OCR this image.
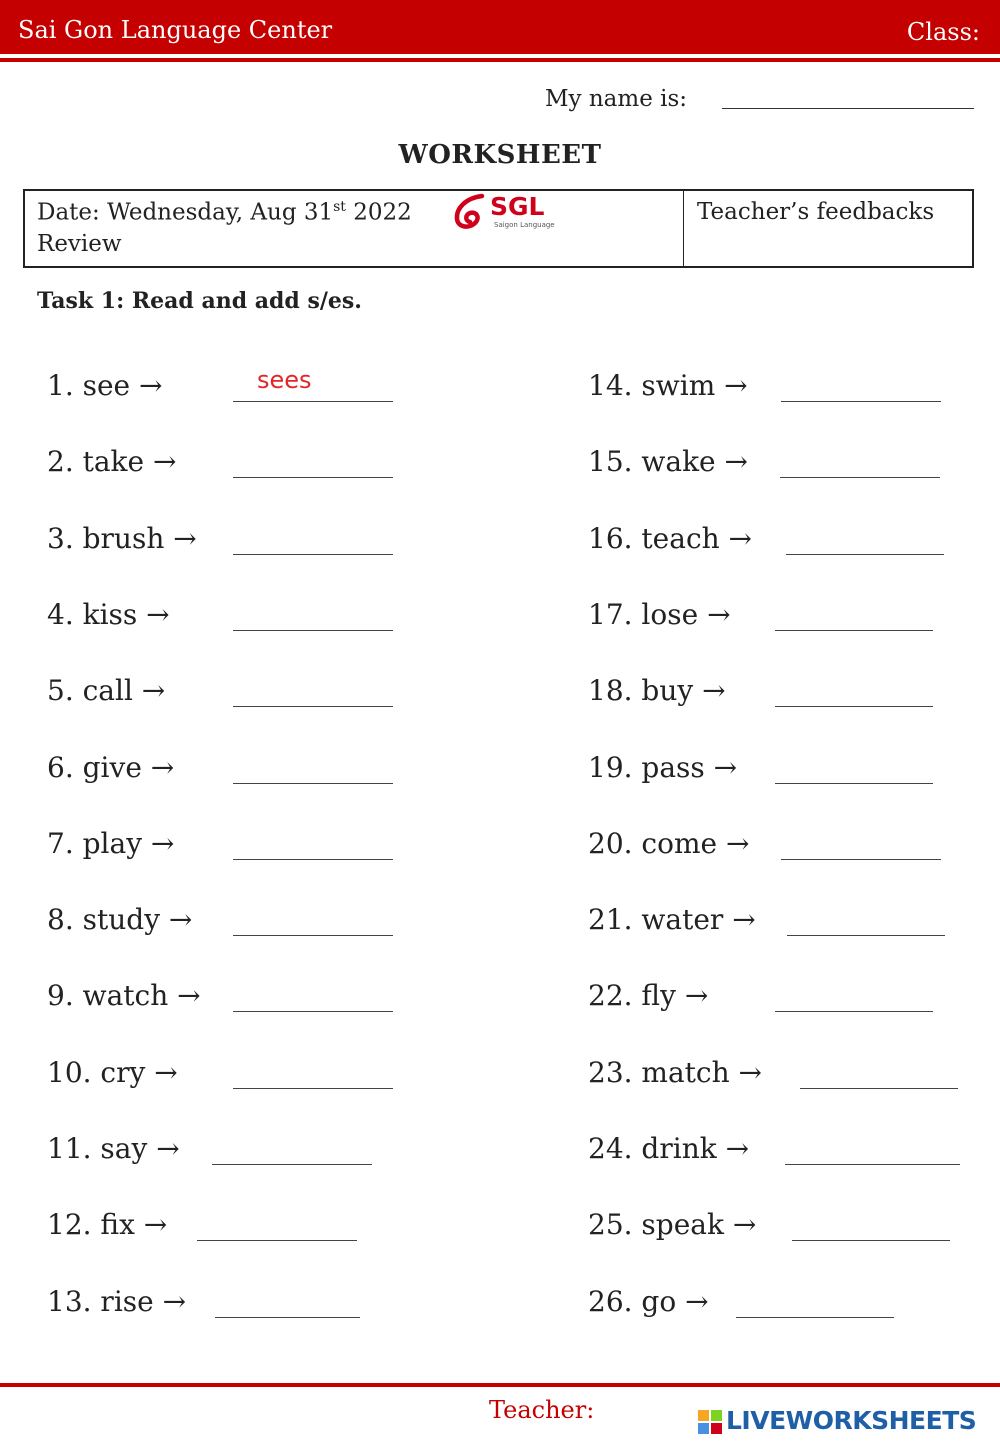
Sai Gon Language Center	Class:
My name is:
WORKSHEET
Date: Wednesday, Aug 31st 2022
Review
Teacher’s feedbacks
SGL
Saigon Language
Task 1: Read and add s/es.
1. see →	sees
2. take →
3. brush →
4. kiss →
5. call →
6. give →
7. play →
8. study →
9. watch →
10. cry →
11. say →
12. fix →
13. rise →
14. swim →
15. wake →
16. teach →
17. lose →
18. buy →
19. pass →
20. come →
21. water →
22. fly →
23. match →
24. drink →
25. speak →
26. go →
Teacher:	LIVEWORKSHEETS
